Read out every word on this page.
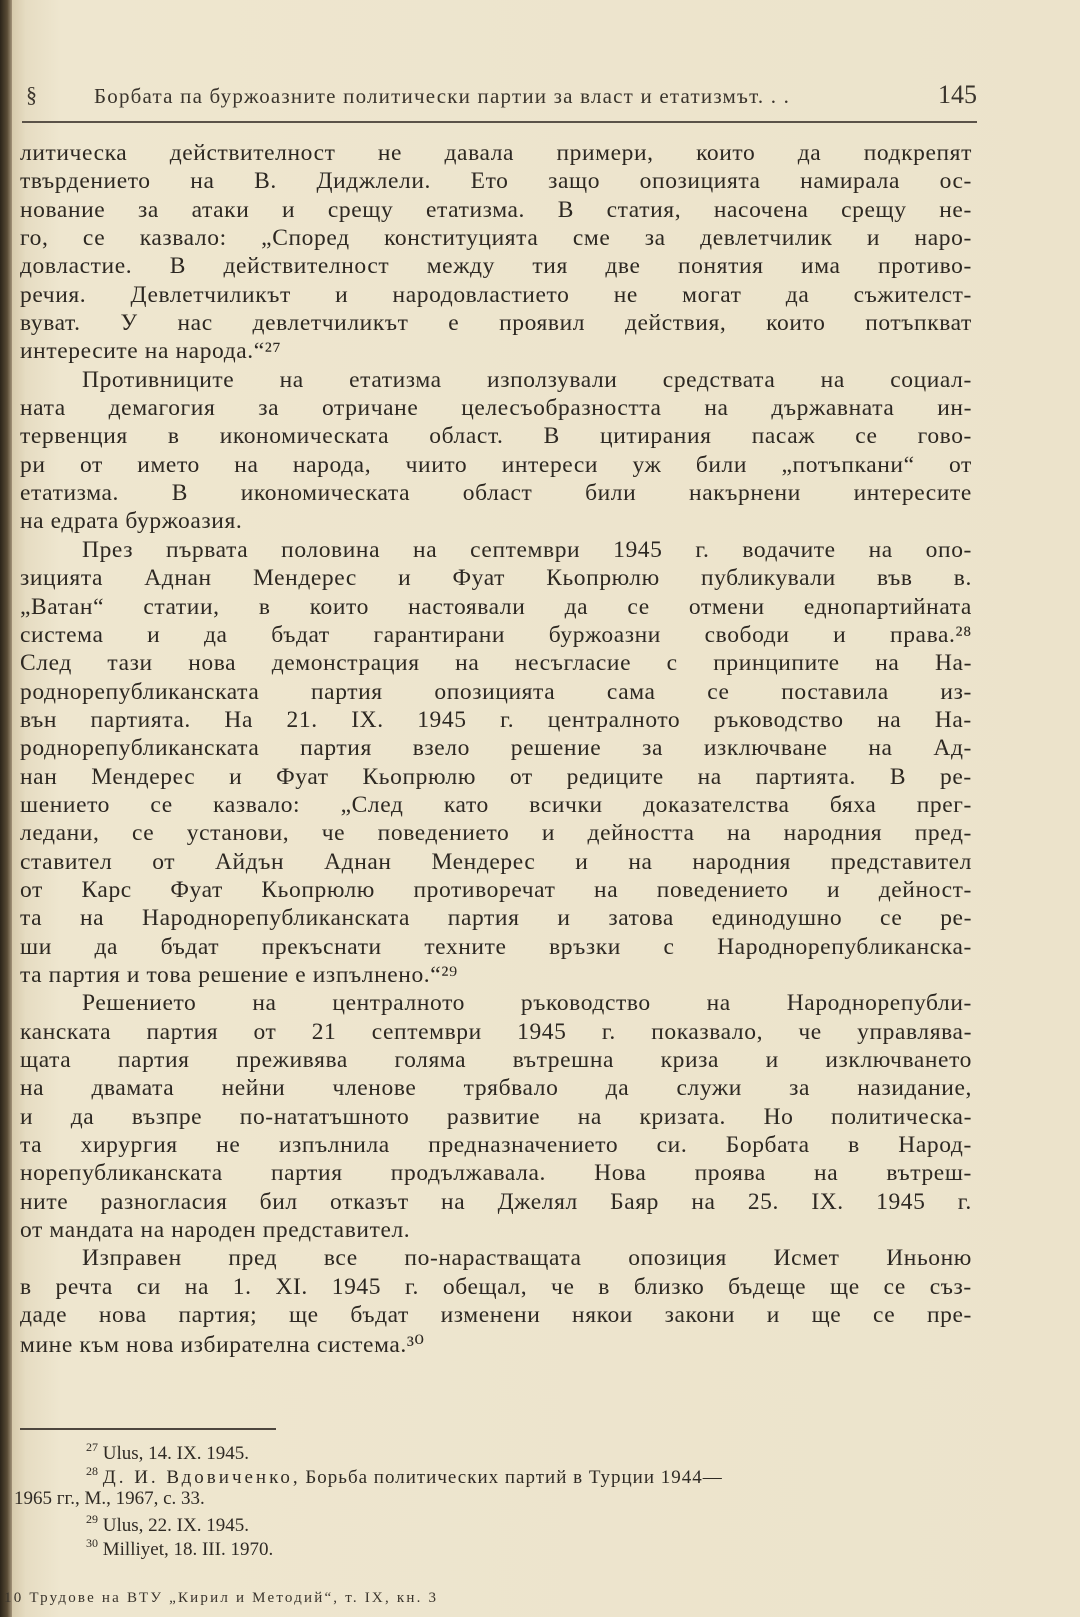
§	Борбата па буржоазните политически партии за власт и етатизмът. . .	145
литическа действителност не давала примери, които да подкрепят
твърдението на В. Диджлели. Ето защо опозицията намирала ос-
нование за атаки и срещу етатизма. В статия, насочена срещу не-
го, се казвало: „Според конституцията сме за девлетчилик и наро-
довластие. В действителност между тия две понятия има противо-
речия. Девлетчиликът и народовластието не могат да съжителст-
вуват. У нас девлетчиликът е проявил действия, които потъпкват
интересите на народа.“²⁷
Противниците на етатизма използували средствата на социал-
ната демагогия за отричане целесъобразността на държавната ин-
тервенция в икономическата област. В цитирания пасаж се гово-
ри от името на народа, чиито интереси уж били „потъпкани“ от
етатизма. В икономическата област били накърнени интересите
на едрата буржоазия.
През първата половина на септември 1945 г. водачите на опо-
зицията Аднан Мендерес и Фуат Кьопрюлю публикували във в.
„Ватан“ статии, в които настоявали да се отмени еднопартийната
система и да бъдат гарантирани буржоазни свободи и права.²⁸
След тази нова демонстрация на несъгласие с принципите на На-
роднорепубликанската партия опозицията сама се поставила из-
вън партията. На 21. IX. 1945 г. централното ръководство на На-
роднорепубликанската партия взело решение за изключване на Ад-
нан Мендерес и Фуат Кьопрюлю от редиците на партията. В ре-
шението се казвало: „След като всички доказателства бяха прег-
ледани, се установи, че поведението и дейността на народния пред-
ставител от Айдън Аднан Мендерес и на народния представител
от Карс Фуат Кьопрюлю противоречат на поведението и дейност-
та на Народнорепубликанската партия и затова единодушно се ре-
ши да бъдат прекъснати техните връзки с Народнорепубликанска-
та партия и това решение е изпълнено.“²⁹
Решението на централното ръководство на Народнорепубли-
канската партия от 21 септември 1945 г. показвало, че управлява-
щата партия преживява голяма вътрешна криза и изключването
на двамата нейни членове трябвало да служи за назидание,
и да възпре по-нататъшното развитие на кризата. Но политическа-
та хирургия не изпълнила предназначението си. Борбата в Народ-
норепубликанската партия продължавала. Нова проява на вътреш-
ните разногласия бил отказът на Джелял Баяр на 25. IX. 1945 г.
от мандата на народен представител.
Изправен пред все по-нарастващата опозиция Исмет Иньоню
в речта си на 1. XI. 1945 г. обещал, че в близко бъдеще ще се съз-
даде нова партия; ще бъдат изменени някои закони и ще се пре-
мине към нова избирателна система.³⁰
$^{27}$ Ulus, 14. IX. 1945.
$^{28}$ Д. И. Вдовиченко, Борьба политических партий в Турции 1944—
1965 гг., М., 1967, с. 33.
$^{29}$ Ulus, 22. IX. 1945.
$^{30}$ Milliyet, 18. III. 1970.
10 Трудове на ВТУ „Кирил и Методий“, т. IX, кн. 3
